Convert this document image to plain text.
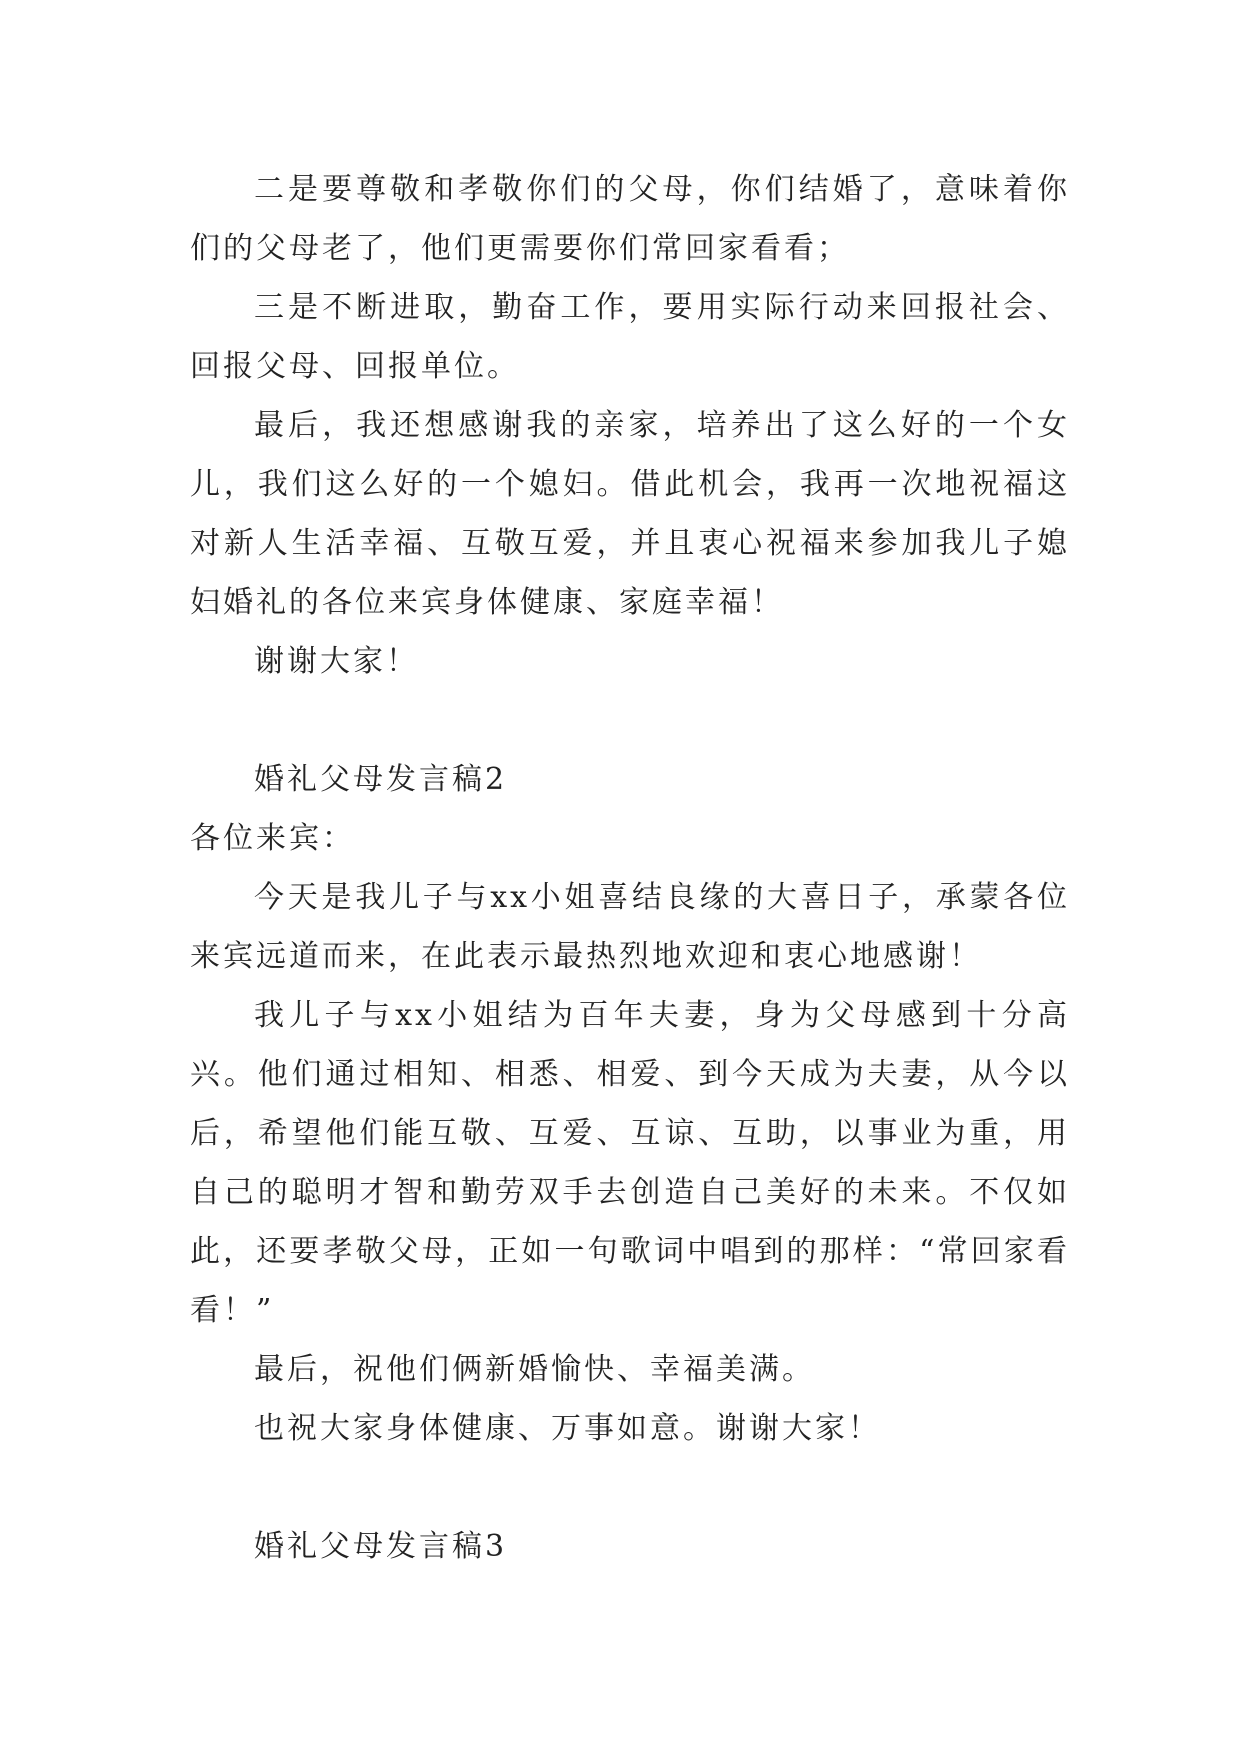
二是要尊敬和孝敬你们的父母，你们结婚了，意味着你们的父母老了，他们更需要你们常回家看看；

三是不断进取，勤奋工作，要用实际行动来回报社会、回报父母、回报单位。

最后，我还想感谢我的亲家，培养出了这么好的一个女儿，我们这么好的一个媳妇。借此机会，我再一次地祝福这对新人生活幸福、互敬互爱，并且衷心祝福来参加我儿子媳妇婚礼的各位来宾身体健康、家庭幸福！

谢谢大家！

婚礼父母发言稿2

各位来宾：

今天是我儿子与xx小姐喜结良缘的大喜日子，承蒙各位来宾远道而来，在此表示最热烈地欢迎和衷心地感谢！

我儿子与xx小姐结为百年夫妻，身为父母感到十分高兴。他们通过相知、相悉、相爱、到今天成为夫妻，从今以后，希望他们能互敬、互爱、互谅、互助，以事业为重，用自己的聪明才智和勤劳双手去创造自己美好的未来。不仅如此，还要孝敬父母，正如一句歌词中唱到的那样：“常回家看看！”

最后，祝他们俩新婚愉快、幸福美满。

也祝大家身体健康、万事如意。谢谢大家！

婚礼父母发言稿3
